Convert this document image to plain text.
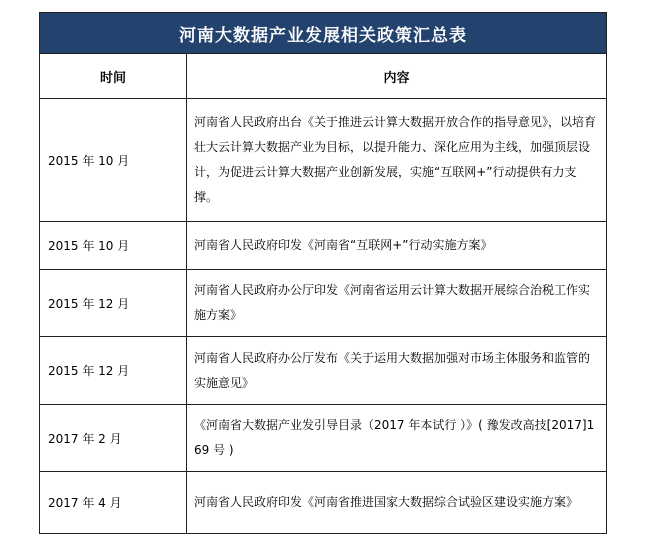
河南大数据产业发展相关政策汇总表	
时间	内容
2015 年 10 月	河南省人民政府出台《关于推进云计算大数据开放合作的指导意见》，以培育壮大云计算大数据产业为目标，以提升能力、深化应用为主线，加强顶层设计，为促进云计算大数据产业创新发展，实施“互联网+”行动提供有力支撑。
2015 年 10 月	河南省人民政府印发《河南省“互联网+”行动实施方案》
2015 年 12 月	河南省人民政府办公厅印发《河南省运用云计算大数据开展综合治税工作实施方案》
2015 年 12 月	河南省人民政府办公厅发布《关于运用大数据加强对市场主体服务和监管的实施意见》
2017 年 2 月	《河南省大数据产业发引导目录（2017 年本试行 ）》( 豫发改高技[2017]169 号 )
2017 年 4 月	河南省人民政府印发《河南省推进国家大数据综合试验区建设实施方案》
